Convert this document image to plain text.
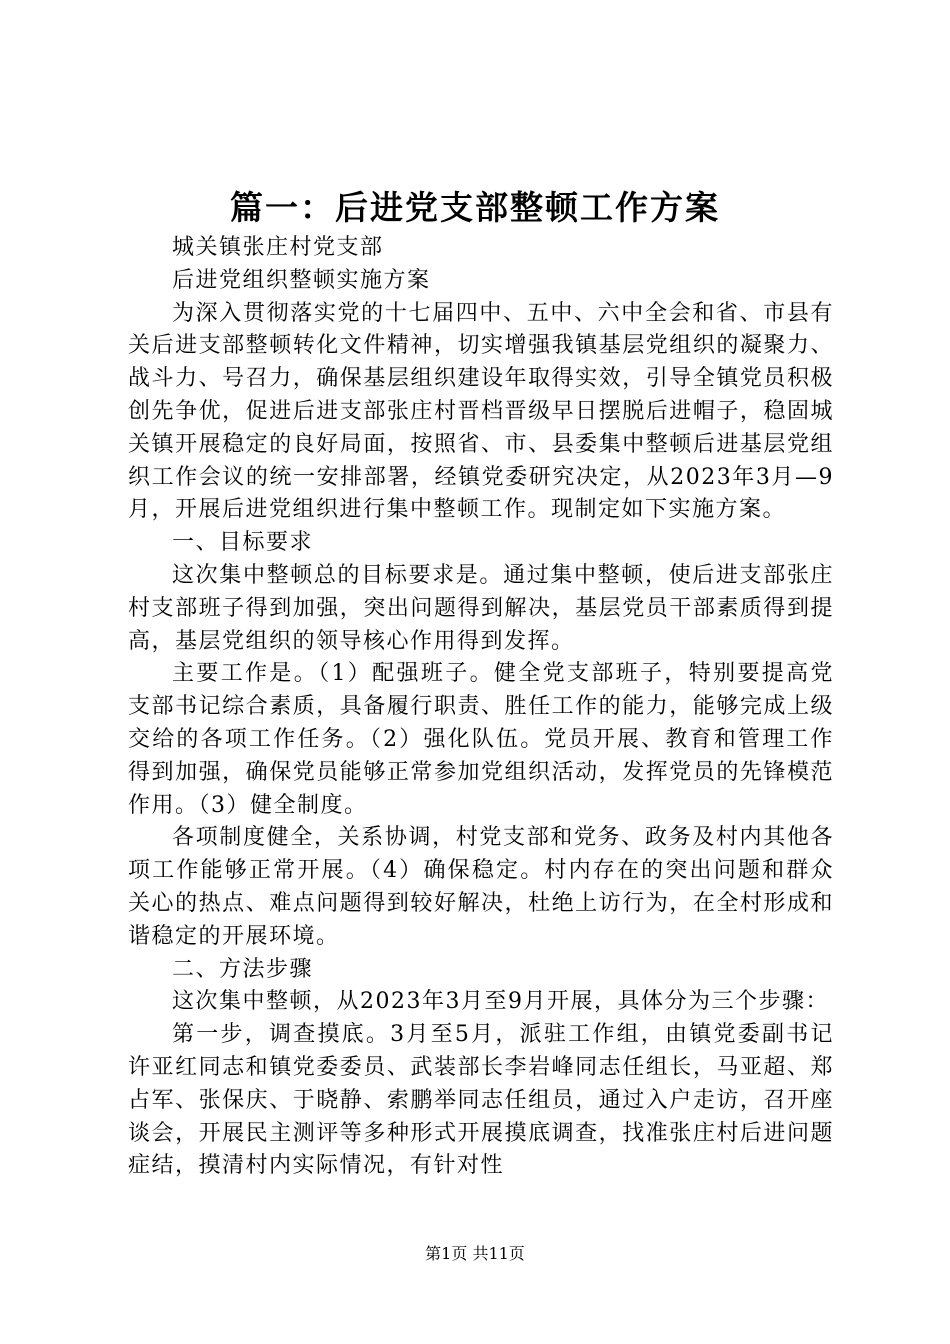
篇一：后进党支部整顿工作方案

城关镇张庄村党支部

后进党组织整顿实施方案

为深入贯彻落实党的十七届四中、五中、六中全会和省、市县有关后进支部整顿转化文件精神，切实增强我镇基层党组织的凝聚力、战斗力、号召力，确保基层组织建设年取得实效，引导全镇党员积极创先争优，促进后进支部张庄村晋档晋级早日摆脱后进帽子，稳固城关镇开展稳定的良好局面，按照省、市、县委集中整顿后进基层党组织工作会议的统一安排部署，经镇党委研究决定，从2023年3月—9月，开展后进党组织进行集中整顿工作。现制定如下实施方案。

一、目标要求

这次集中整顿总的目标要求是。通过集中整顿，使后进支部张庄村支部班子得到加强，突出问题得到解决，基层党员干部素质得到提高，基层党组织的领导核心作用得到发挥。

主要工作是。（1）配强班子。健全党支部班子，特别要提高党支部书记综合素质，具备履行职责、胜任工作的能力，能够完成上级交给的各项工作任务。（2）强化队伍。党员开展、教育和管理工作得到加强，确保党员能够正常参加党组织活动，发挥党员的先锋模范作用。（3）健全制度。

各项制度健全，关系协调，村党支部和党务、政务及村内其他各项工作能够正常开展。（4）确保稳定。村内存在的突出问题和群众关心的热点、难点问题得到较好解决，杜绝上访行为，在全村形成和谐稳定的开展环境。

二、方法步骤

这次集中整顿，从2023年3月至9月开展，具体分为三个步骤：

第一步，调查摸底。3月至5月，派驻工作组，由镇党委副书记许亚红同志和镇党委委员、武装部长李岩峰同志任组长，马亚超、郑占军、张保庆、于晓静、索鹏举同志任组员，通过入户走访，召开座谈会，开展民主测评等多种形式开展摸底调查，找准张庄村后进问题症结，摸清村内实际情况，有针对性

第1页 共11页
